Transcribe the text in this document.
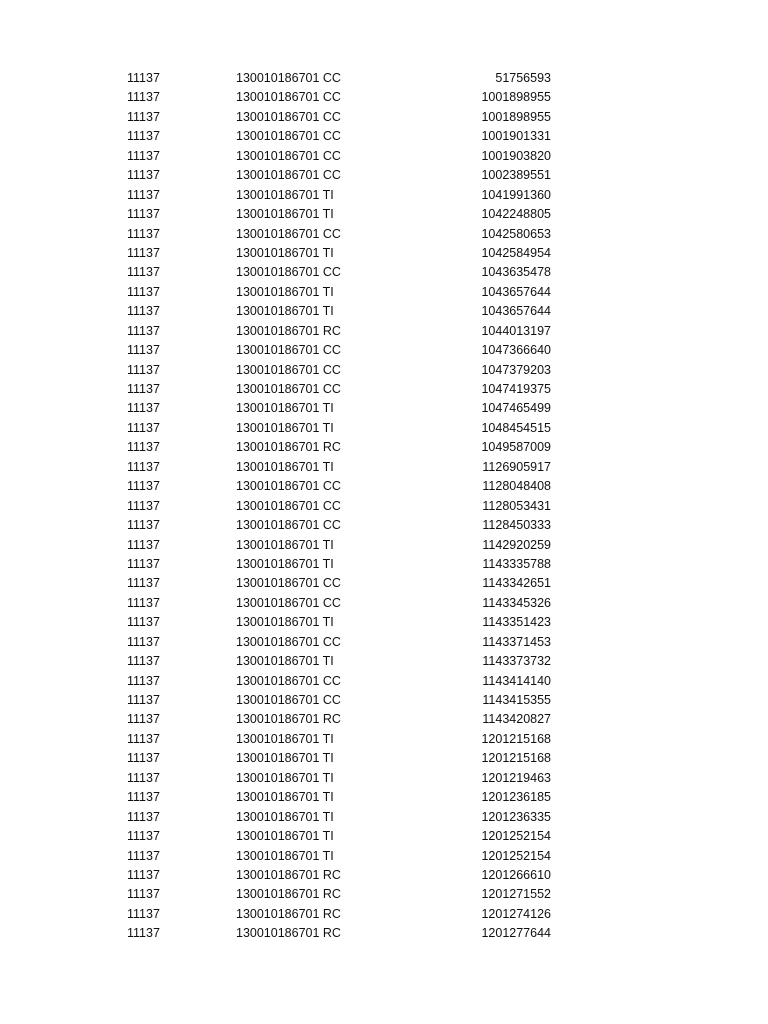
11137	130010186701 CC	51756593
11137	130010186701 CC	1001898955
11137	130010186701 CC	1001898955
11137	130010186701 CC	1001901331
11137	130010186701 CC	1001903820
11137	130010186701 CC	1002389551
11137	130010186701 TI	1041991360
11137	130010186701 TI	1042248805
11137	130010186701 CC	1042580653
11137	130010186701 TI	1042584954
11137	130010186701 CC	1043635478
11137	130010186701 TI	1043657644
11137	130010186701 TI	1043657644
11137	130010186701 RC	1044013197
11137	130010186701 CC	1047366640
11137	130010186701 CC	1047379203
11137	130010186701 CC	1047419375
11137	130010186701 TI	1047465499
11137	130010186701 TI	1048454515
11137	130010186701 RC	1049587009
11137	130010186701 TI	1126905917
11137	130010186701 CC	1128048408
11137	130010186701 CC	1128053431
11137	130010186701 CC	1128450333
11137	130010186701 TI	1142920259
11137	130010186701 TI	1143335788
11137	130010186701 CC	1143342651
11137	130010186701 CC	1143345326
11137	130010186701 TI	1143351423
11137	130010186701 CC	1143371453
11137	130010186701 TI	1143373732
11137	130010186701 CC	1143414140
11137	130010186701 CC	1143415355
11137	130010186701 RC	1143420827
11137	130010186701 TI	1201215168
11137	130010186701 TI	1201215168
11137	130010186701 TI	1201219463
11137	130010186701 TI	1201236185
11137	130010186701 TI	1201236335
11137	130010186701 TI	1201252154
11137	130010186701 TI	1201252154
11137	130010186701 RC	1201266610
11137	130010186701 RC	1201271552
11137	130010186701 RC	1201274126
11137	130010186701 RC	1201277644
